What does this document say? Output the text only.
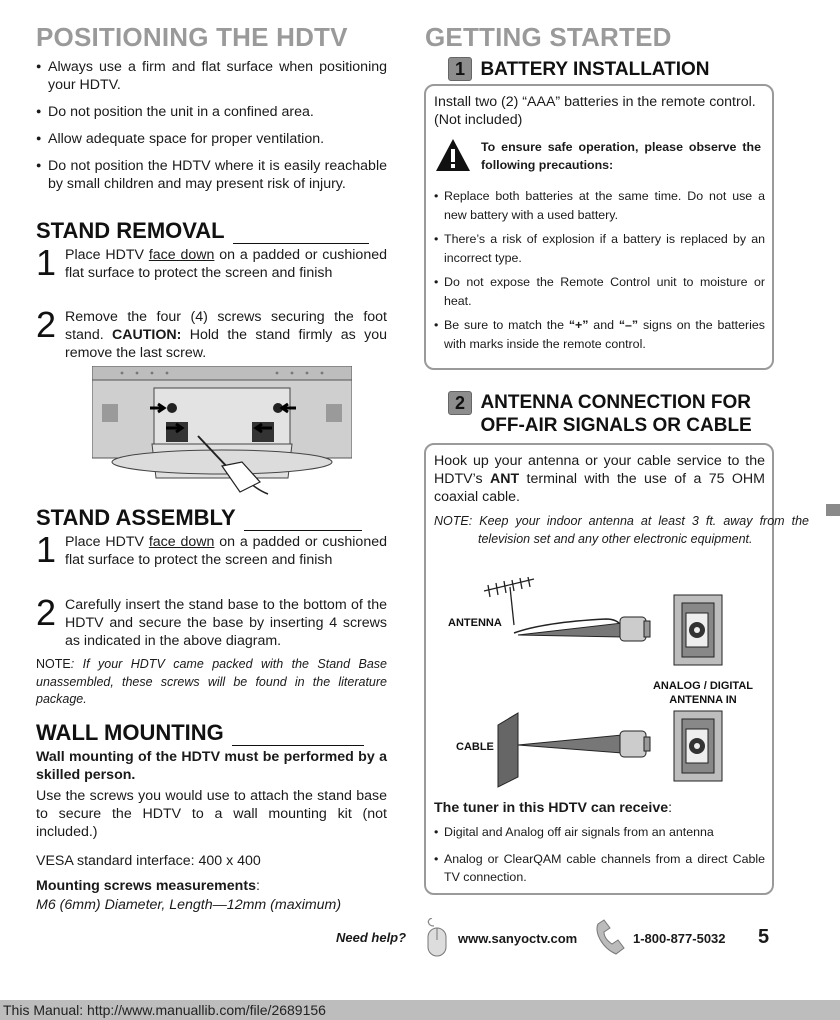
POSITIONING THE HDTV
● Always use a firm and flat surface when positioning your HDTV.
● Do not position the unit in a confined area.
● Allow adequate space for proper ventilation.
● Do not position the HDTV where it is easily reachable by small children and may present risk of injury.
STAND REMOVAL
1 Place HDTV face down on a padded or cushioned flat surface to protect the screen and finish
2 Remove the four (4) screws securing the foot stand. CAUTION: Hold the stand firmly as you remove the last screw.
STAND ASSEMBLY
1 Place HDTV face down on a padded or cushioned flat surface to protect the screen and finish
2 Carefully insert the stand base to the bottom of the HDTV and secure the base by inserting 4 screws as indicated in the above diagram.
NOTE: If your HDTV came packed with the Stand Base unassembled, these screws will be found in the literature package.
WALL MOUNTING
Wall mounting of the HDTV must be performed by a skilled person.
Use the screws you would use to attach the stand base to secure the HDTV to a wall mounting kit (not included.)
VESA standard interface: 400 x 400
Mounting screws measurements:
M6 (6mm) Diameter, Length—12mm (maximum)
GETTING STARTED
1 BATTERY INSTALLATION
Install two (2) “AAA” batteries in the remote control. (Not included)
To ensure safe operation, please observe the following precautions:
• Replace both batteries at the same time. Do not use a new battery with a used battery.
• There’s a risk of explosion if a battery is replaced by an incorrect type.
• Do not expose the Remote Control unit to moisture or heat.
• Be sure to match the “+” and “–” signs on the batteries with marks inside the remote control.
2 ANTENNA CONNECTION FOR
OFF-AIR SIGNALS OR CABLE
Hook up your antenna or your cable service to the HDTV’s ANT terminal with the use of a 75 OHM coaxial cable.
NOTE: Keep your indoor antenna at least 3 ft. away from the television set and any other electronic equipment.
ANTENNA
CABLE
ANALOG / DIGITAL
ANTENNA IN
The tuner in this HDTV can receive:
• Digital and Analog off air signals from an antenna
• Analog or ClearQAM cable channels from a direct Cable TV connection.
Need help?	www.sanyoctv.com	1-800-877-5032 5
This Manual: http://www.manuallib.com/file/2689156
